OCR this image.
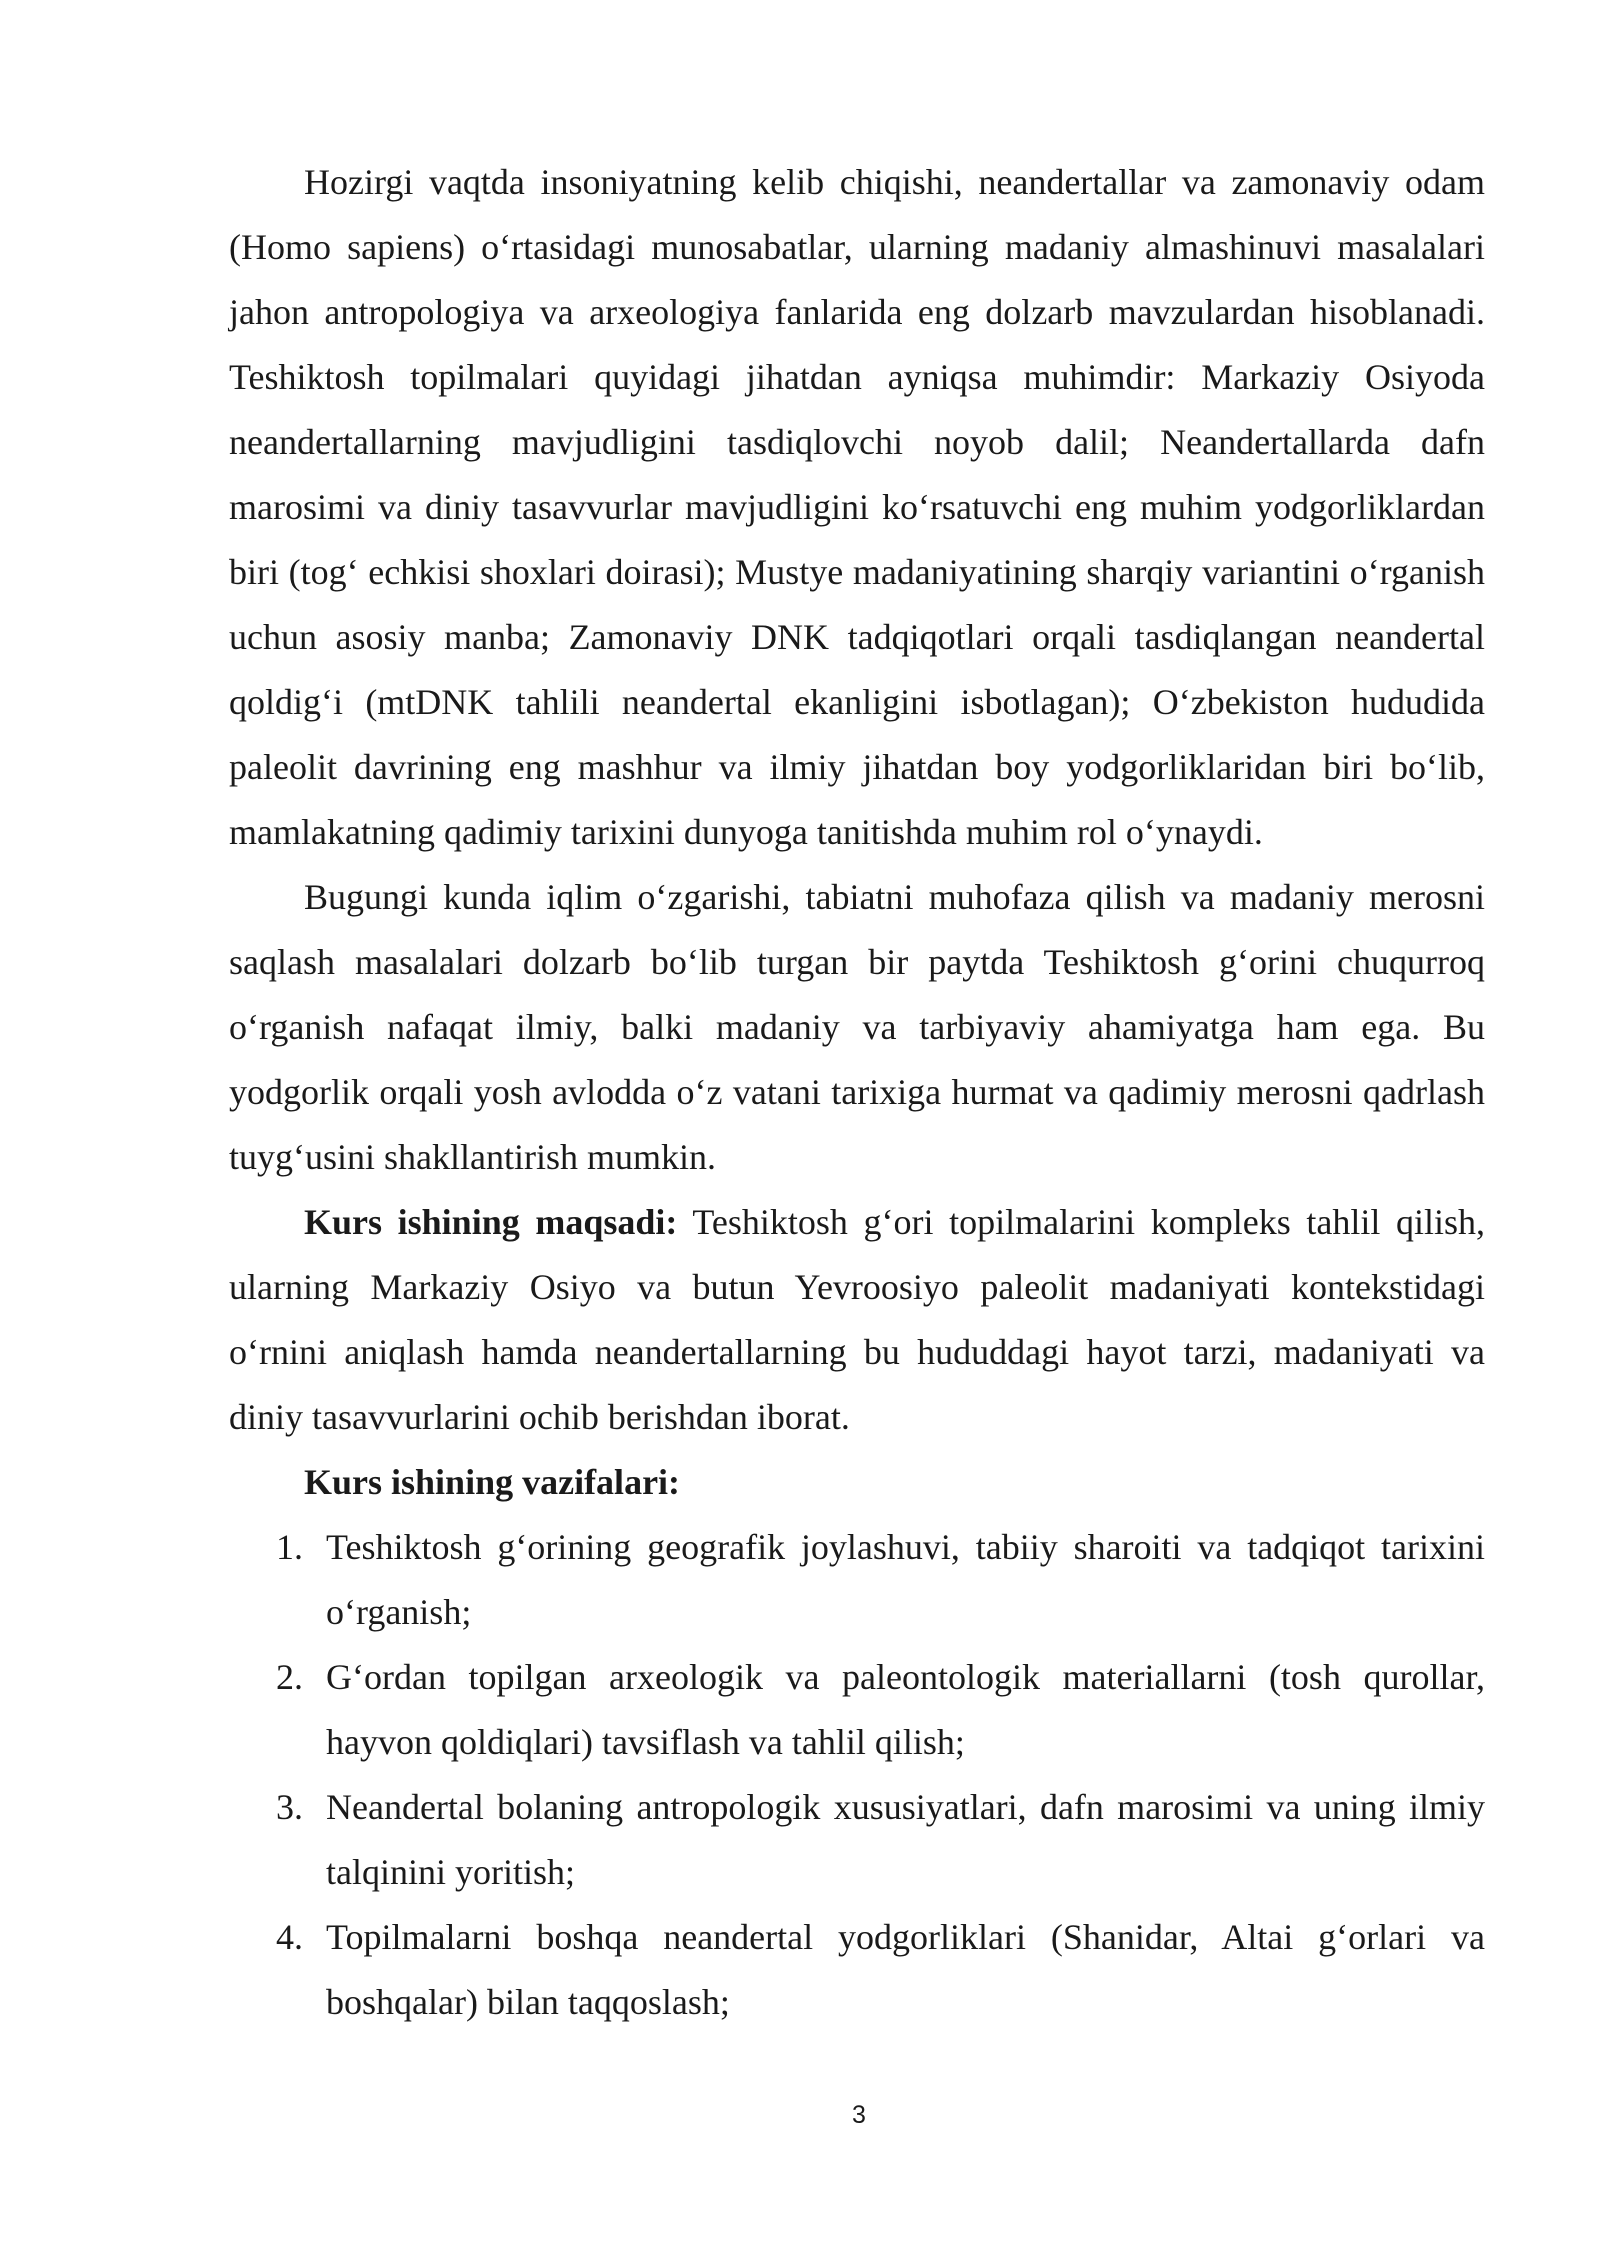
Hozirgi vaqtda insoniyatning kelib chiqishi, neandertallar va zamonaviy odam (Homo sapiens) o‘rtasidagi munosabatlar, ularning madaniy almashinuvi masalalari jahon antropologiya va arxeologiya fanlarida eng dolzarb mavzulardan hisoblanadi. Teshiktosh topilmalari quyidagi jihatdan ayniqsa muhimdir: Markaziy Osiyoda neandertallarning mavjudligini tasdiqlovchi noyob dalil; Neandertallarda dafn marosimi va diniy tasavvurlar mavjudligini ko‘rsatuvchi eng muhim yodgorliklardan biri (tog‘ echkisi shoxlari doirasi); Mustye madaniyatining sharqiy variantini o‘rganish uchun asosiy manba; Zamonaviy DNK tadqiqotlari orqali tasdiqlangan neandertal qoldig‘i (mtDNK tahlili neandertal ekanligini isbotlagan); O‘zbekiston hududida paleolit davrining eng mashhur va ilmiy jihatdan boy yodgorliklaridan biri bo‘lib, mamlakatning qadimiy tarixini dunyoga tanitishda muhim rol o‘ynaydi.

Bugungi kunda iqlim o‘zgarishi, tabiatni muhofaza qilish va madaniy merosni saqlash masalalari dolzarb bo‘lib turgan bir paytda Teshiktosh g‘orini chuqurroq o‘rganish nafaqat ilmiy, balki madaniy va tarbiyaviy ahamiyatga ham ega. Bu yodgorlik orqali yosh avlodda o‘z vatani tarixiga hurmat va qadimiy merosni qadrlash tuyg‘usini shakllantirish mumkin.

Kurs ishining maqsadi: Teshiktosh g‘ori topilmalarini kompleks tahlil qilish, ularning Markaziy Osiyo va butun Yevroosiyo paleolit madaniyati kontekstidagi o‘rnini aniqlash hamda neandertallarning bu hududdagi hayot tarzi, madaniyati va diniy tasavvurlarini ochib berishdan iborat.

Kurs ishining vazifalari:

1. Teshiktosh g‘orining geografik joylashuvi, tabiiy sharoiti va tadqiqot tarixini o‘rganish;
2. G‘ordan topilgan arxeologik va paleontologik materiallarni (tosh qurollar, hayvon qoldiqlari) tavsiflash va tahlil qilish;
3. Neandertal bolaning antropologik xususiyatlari, dafn marosimi va uning ilmiy talqinini yoritish;
4. Topilmalarni boshqa neandertal yodgorliklari (Shanidar, Altai g‘orlari va boshqalar) bilan taqqoslash;
3
